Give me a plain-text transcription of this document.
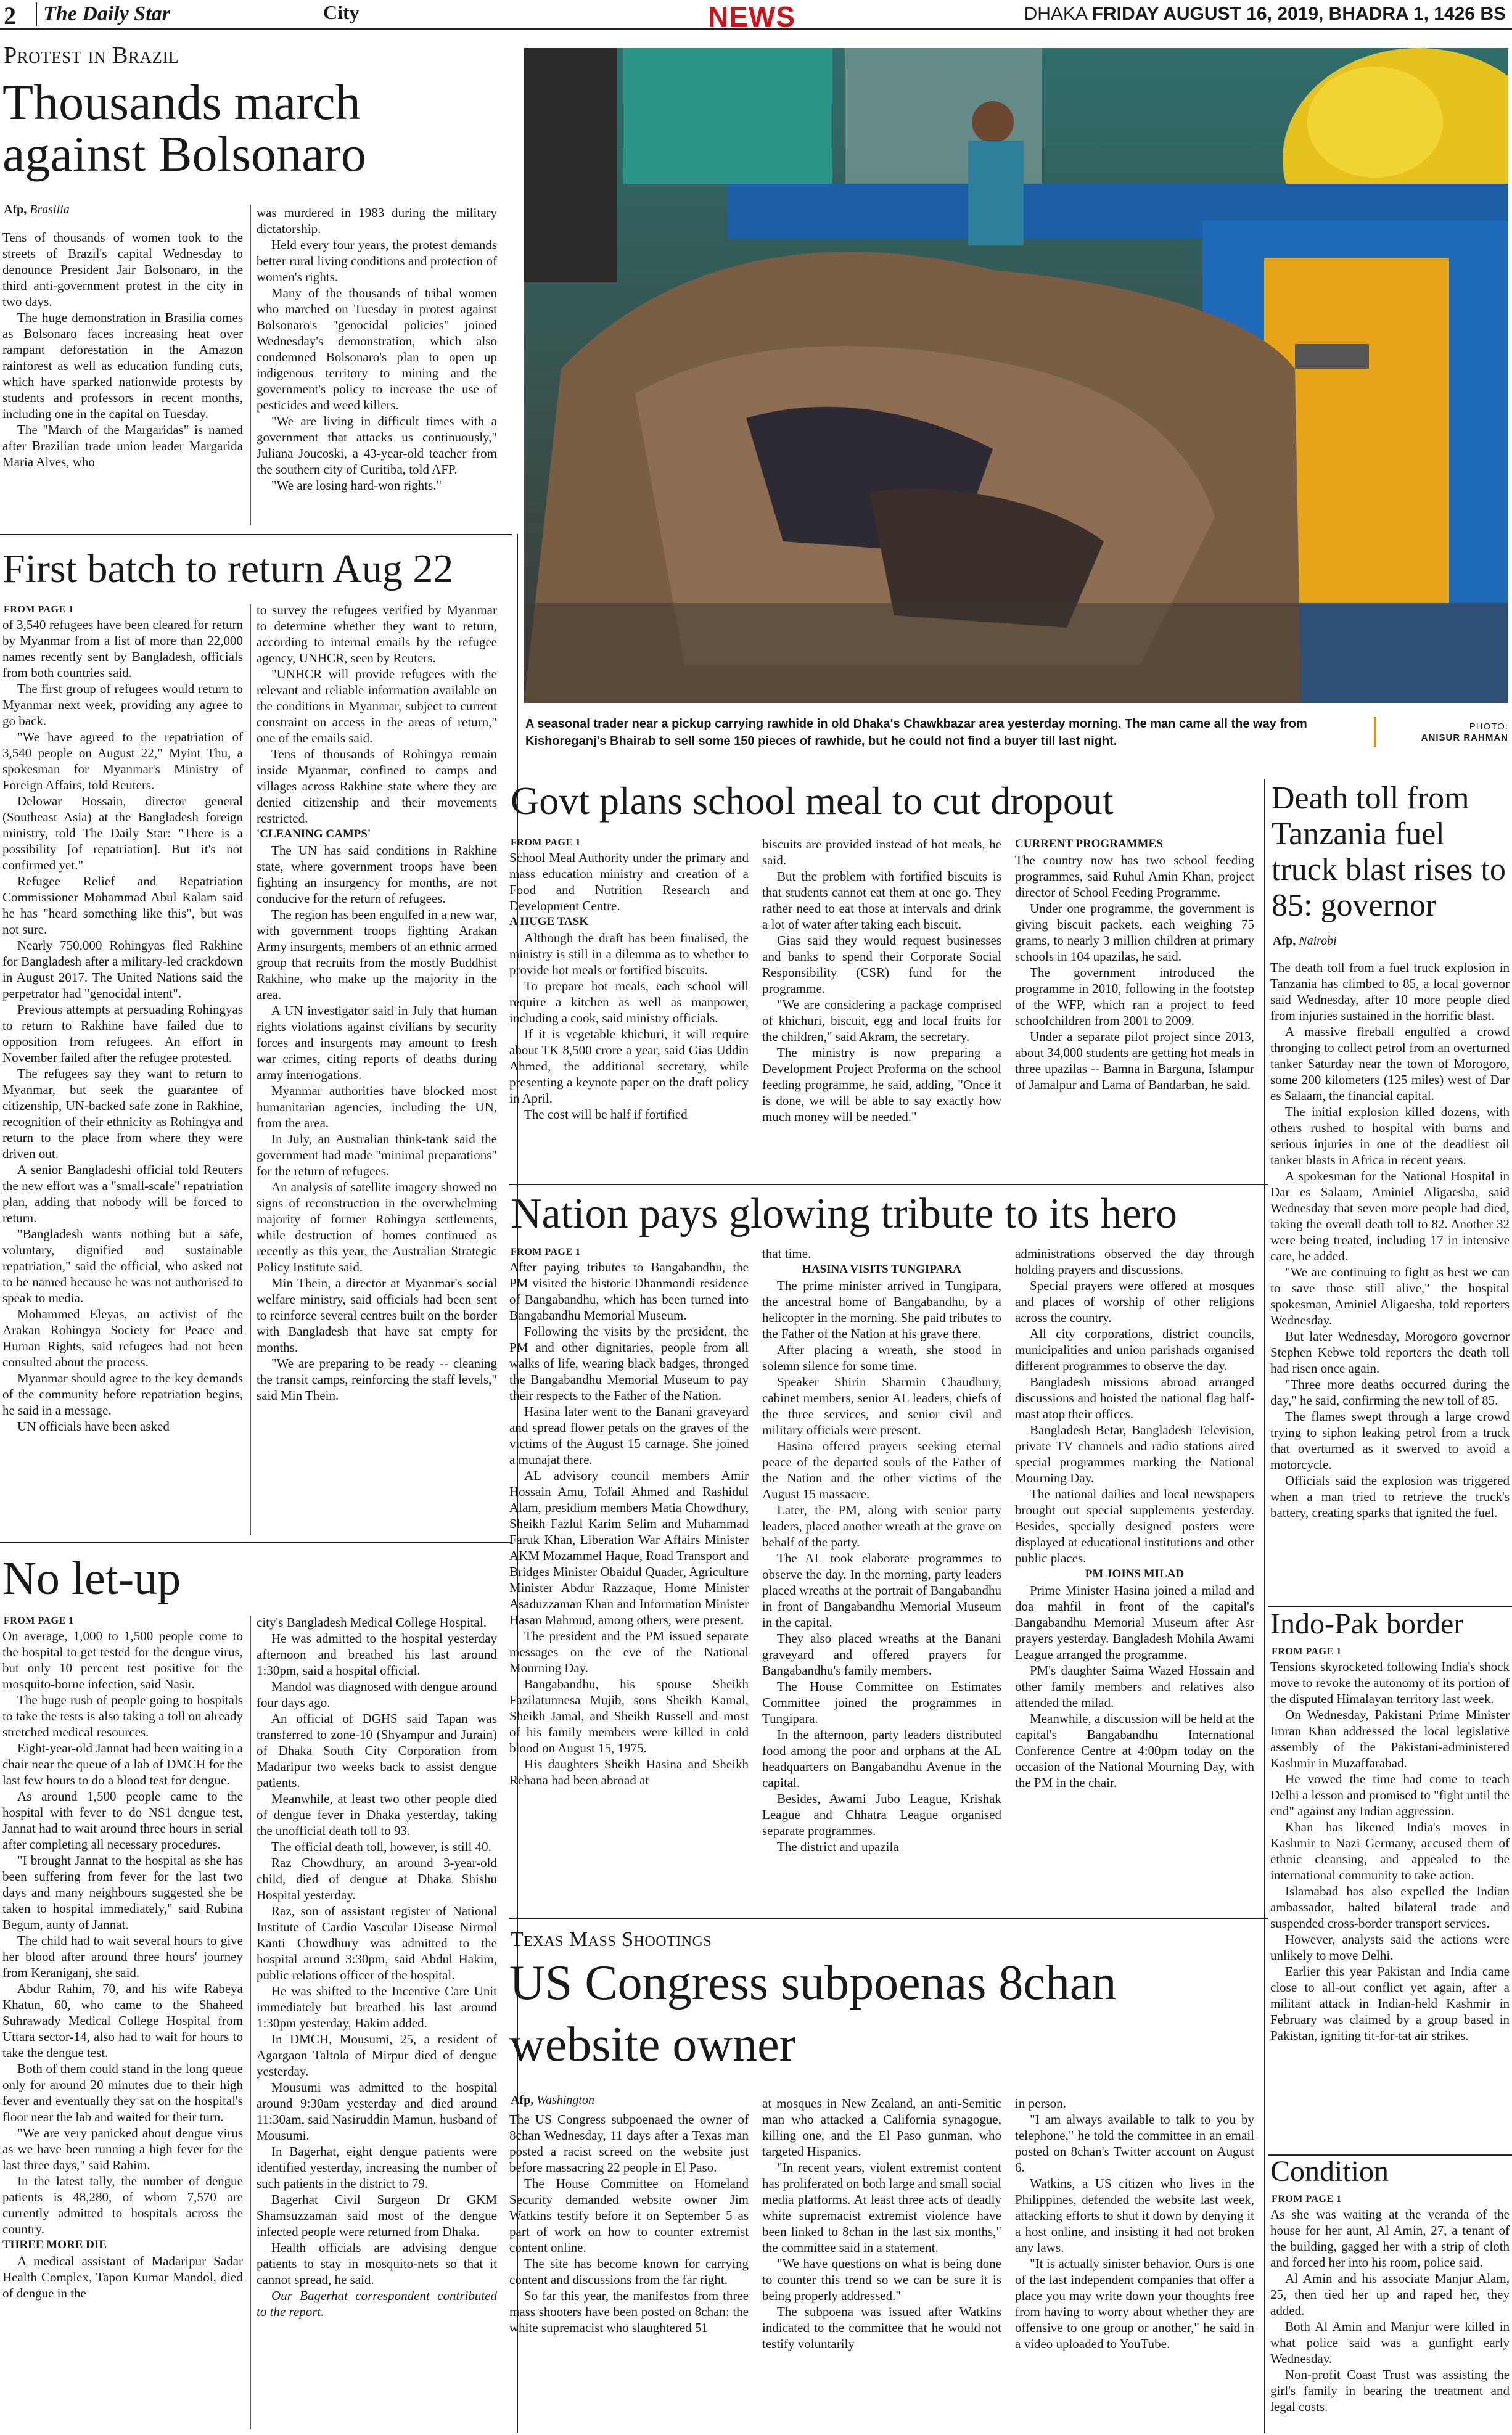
2	The Daily Star	City	NEWS	DHAKA FRIDAY AUGUST 16, 2019, BHADRA 1, 1426 BS
Protest in Brazil
Thousands march against Bolsonaro
Afp, Brasilia

Tens of thousands of women took to the streets of Brazil's capital Wednesday to denounce President Jair Bolsonaro, in the third anti-government protest in the city in two days.

The huge demonstration in Brasilia comes as Bolsonaro faces increasing heat over rampant deforestation in the Amazon rainforest as well as education funding cuts, which have sparked nationwide protests by students and professors in recent months, including one in the capital on Tuesday.

The "March of the Margaridas" is named after Brazilian trade union leader Margarida Maria Alves, who

was murdered in 1983 during the military dictatorship.

Held every four years, the protest demands better rural living conditions and protection of women's rights.

Many of the thousands of tribal women who marched on Tuesday in protest against Bolsonaro's "genocidal policies" joined Wednesday's demonstration, which also condemned Bolsonaro's plan to open up indigenous territory to mining and the government's policy to increase the use of pesticides and weed killers.

"We are living in difficult times with a government that attacks us continuously," Juliana Joucoski, a 43-year-old teacher from the southern city of Curitiba, told AFP.

"We are losing hard-won rights."

A seasonal trader near a pickup carrying rawhide in old Dhaka's Chawkbazar area yesterday morning. The man came all the way from Kishoreganj's Bhairab to sell some 150 pieces of rawhide, but he could not find a buyer till last night.
PHOTO:
ANISUR RAHMAN
First batch to return Aug 22
FROM PAGE 1

of 3,540 refugees have been cleared for return by Myanmar from a list of more than 22,000 names recently sent by Bangladesh, officials from both countries said.

The first group of refugees would return to Myanmar next week, providing any agree to go back.

"We have agreed to the repatriation of 3,540 people on August 22," Myint Thu, a spokesman for Myanmar's Ministry of Foreign Affairs, told Reuters.

Delowar Hossain, director general (Southeast Asia) at the Bangladesh foreign ministry, told The Daily Star: "There is a possibility [of repatriation]. But it's not confirmed yet."

Refugee Relief and Repatriation Commissioner Mohammad Abul Kalam said he has "heard something like this", but was not sure.

Nearly 750,000 Rohingyas fled Rakhine for Bangladesh after a military-led crackdown in August 2017. The United Nations said the perpetrator had "genocidal intent".

Previous attempts at persuading Rohingyas to return to Rakhine have failed due to opposition from refugees. An effort in November failed after the refugee protested.

The refugees say they want to return to Myanmar, but seek the guarantee of citizenship, UN-backed safe zone in Rakhine, recognition of their ethnicity as Rohingya and return to the place from where they were driven out.

A senior Bangladeshi official told Reuters the new effort was a "small-scale" repatriation plan, adding that nobody will be forced to return.

"Bangladesh wants nothing but a safe, voluntary, dignified and sustainable repatriation," said the official, who asked not to be named because he was not authorised to speak to media.

Mohammed Eleyas, an activist of the Arakan Rohingya Society for Peace and Human Rights, said refugees had not been consulted about the process.

Myanmar should agree to the key demands of the community before repatriation begins, he said in a message.

UN officials have been asked

to survey the refugees verified by Myanmar to determine whether they want to return, according to internal emails by the refugee agency, UNHCR, seen by Reuters.

"UNHCR will provide refugees with the relevant and reliable information available on the conditions in Myanmar, subject to current constraint on access in the areas of return," one of the emails said.

Tens of thousands of Rohingya remain inside Myanmar, confined to camps and villages across Rakhine state where they are denied citizenship and their movements restricted.

'CLEANING CAMPS'

The UN has said conditions in Rakhine state, where government troops have been fighting an insurgency for months, are not conducive for the return of refugees.

The region has been engulfed in a new war, with government troops fighting Arakan Army insurgents, members of an ethnic armed group that recruits from the mostly Buddhist Rakhine, who make up the majority in the area.

A UN investigator said in July that human rights violations against civilians by security forces and insurgents may amount to fresh war crimes, citing reports of deaths during army interrogations.

Myanmar authorities have blocked most humanitarian agencies, including the UN, from the area.

In July, an Australian think-tank said the government had made "minimal preparations" for the return of refugees.

An analysis of satellite imagery showed no signs of reconstruction in the overwhelming majority of former Rohingya settlements, while destruction of homes continued as recently as this year, the Australian Strategic Policy Institute said.

Min Thein, a director at Myanmar's social welfare ministry, said officials had been sent to reinforce several centres built on the border with Bangladesh that have sat empty for months.

"We are preparing to be ready -- cleaning the transit camps, reinforcing the staff levels," said Min Thein.

No let-up
FROM PAGE 1

On average, 1,000 to 1,500 people come to the hospital to get tested for the dengue virus, but only 10 percent test positive for the mosquito-borne infection, said Nasir.

The huge rush of people going to hospitals to take the tests is also taking a toll on already stretched medical resources.

Eight-year-old Jannat had been waiting in a chair near the queue of a lab of DMCH for the last few hours to do a blood test for dengue.

As around 1,500 people came to the hospital with fever to do NS1 dengue test, Jannat had to wait around three hours in serial after completing all necessary procedures.

"I brought Jannat to the hospital as she has been suffering from fever for the last two days and many neighbours suggested she be taken to hospital immediately," said Rubina Begum, aunty of Jannat.

The child had to wait several hours to give her blood after around three hours' journey from Keraniganj, she said.

Abdur Rahim, 70, and his wife Rabeya Khatun, 60, who came to the Shaheed Suhrawady Medical College Hospital from Uttara sector-14, also had to wait for hours to take the dengue test.

Both of them could stand in the long queue only for around 20 minutes due to their high fever and eventually they sat on the hospital's floor near the lab and waited for their turn.

"We are very panicked about dengue virus as we have been running a high fever for the last three days," said Rahim.

In the latest tally, the number of dengue patients is 48,280, of whom 7,570 are currently admitted to hospitals across the country.

THREE MORE DIE

A medical assistant of Madaripur Sadar Health Complex, Tapon Kumar Mandol, died of dengue in the

city's Bangladesh Medical College Hospital.

He was admitted to the hospital yesterday afternoon and breathed his last around 1:30pm, said a hospital official.

Mandol was diagnosed with dengue around four days ago.

An official of DGHS said Tapan was transferred to zone-10 (Shyampur and Jurain) of Dhaka South City Corporation from Madaripur two weeks back to assist dengue patients.

Meanwhile, at least two other people died of dengue fever in Dhaka yesterday, taking the unofficial death toll to 93.

The official death toll, however, is still 40.

Raz Chowdhury, an around 3-year-old child, died of dengue at Dhaka Shishu Hospital yesterday.

Raz, son of assistant register of National Institute of Cardio Vascular Disease Nirmol Kanti Chowdhury was admitted to the hospital around 3:30pm, said Abdul Hakim, public relations officer of the hospital.

He was shifted to the Incentive Care Unit immediately but breathed his last around 1:30pm yesterday, Hakim added.

In DMCH, Mousumi, 25, a resident of Agargaon Taltola of Mirpur died of dengue yesterday.

Mousumi was admitted to the hospital around 9:30am yesterday and died around 11:30am, said Nasiruddin Mamun, husband of Mousumi.

In Bagerhat, eight dengue patients were identified yesterday, increasing the number of such patients in the district to 79.

Bagerhat Civil Surgeon Dr GKM Shamsuzzaman said most of the dengue infected people were returned from Dhaka.

Health officials are advising dengue patients to stay in mosquito-nets so that it cannot spread, he said.

Our Bagerhat correspondent contributed to the report.

Govt plans school meal to cut dropout
FROM PAGE 1

School Meal Authority under the primary and mass education ministry and creation of a Food and Nutrition Research and Development Centre.

A HUGE TASK

Although the draft has been finalised, the ministry is still in a dilemma as to whether to provide hot meals or fortified biscuits.

To prepare hot meals, each school will require a kitchen as well as manpower, including a cook, said ministry officials.

If it is vegetable khichuri, it will require about TK 8,500 crore a year, said Gias Uddin Ahmed, the additional secretary, while presenting a keynote paper on the draft policy in April.

The cost will be half if fortified

biscuits are provided instead of hot meals, he said.

But the problem with fortified biscuits is that students cannot eat them at one go. They rather need to eat those at intervals and drink a lot of water after taking each biscuit.

Gias said they would request businesses and banks to spend their Corporate Social Responsibility (CSR) fund for the programme.

"We are considering a package comprised of khichuri, biscuit, egg and local fruits for the children," said Akram, the secretary.

The ministry is now preparing a Development Project Proforma on the school feeding programme, he said, adding, "Once it is done, we will be able to say exactly how much money will be needed."

CURRENT PROGRAMMES

The country now has two school feeding programmes, said Ruhul Amin Khan, project director of School Feeding Programme.

Under one programme, the government is giving biscuit packets, each weighing 75 grams, to nearly 3 million children at primary schools in 104 upazilas, he said.

The government introduced the programme in 2010, following in the footstep of the WFP, which ran a project to feed schoolchildren from 2001 to 2009.

Under a separate pilot project since 2013, about 34,000 students are getting hot meals in three upazilas -- Bamna in Barguna, Islampur of Jamalpur and Lama of Bandarban, he said.

Nation pays glowing tribute to its hero
FROM PAGE 1

After paying tributes to Bangabandhu, the PM visited the historic Dhanmondi residence of Bangabandhu, which has been turned into Bangabandhu Memorial Museum.

Following the visits by the president, the PM and other dignitaries, people from all walks of life, wearing black badges, thronged the Bangabandhu Memorial Museum to pay their respects to the Father of the Nation.

Hasina later went to the Banani graveyard and spread flower petals on the graves of the victims of the August 15 carnage. She joined a munajat there.

AL advisory council members Amir Hossain Amu, Tofail Ahmed and Rashidul Alam, presidium members Matia Chowdhury, Sheikh Fazlul Karim Selim and Muhammad Faruk Khan, Liberation War Affairs Minister AKM Mozammel Haque, Road Transport and Bridges Minister Obaidul Quader, Agriculture Minister Abdur Razzaque, Home Minister Asaduzzaman Khan and Information Minister Hasan Mahmud, among others, were present.

The president and the PM issued separate messages on the eve of the National Mourning Day.

Bangabandhu, his spouse Sheikh Fazilatunnesa Mujib, sons Sheikh Kamal, Sheikh Jamal, and Sheikh Russell and most of his family members were killed in cold blood on August 15, 1975.

His daughters Sheikh Hasina and Sheikh Rehana had been abroad at

that time.

HASINA VISITS TUNGIPARA

The prime minister arrived in Tungipara, the ancestral home of Bangabandhu, by a helicopter in the morning. She paid tributes to the Father of the Nation at his grave there.

After placing a wreath, she stood in solemn silence for some time.

Speaker Shirin Sharmin Chaudhury, cabinet members, senior AL leaders, chiefs of the three services, and senior civil and military officials were present.

Hasina offered prayers seeking eternal peace of the departed souls of the Father of the Nation and the other victims of the August 15 massacre.

Later, the PM, along with senior party leaders, placed another wreath at the grave on behalf of the party.

The AL took elaborate programmes to observe the day. In the morning, party leaders placed wreaths at the portrait of Bangabandhu in front of Bangabandhu Memorial Museum in the capital.

They also placed wreaths at the Banani graveyard and offered prayers for Bangabandhu's family members.

The House Committee on Estimates Committee joined the programmes in Tungipara.

In the afternoon, party leaders distributed food among the poor and orphans at the AL headquarters on Bangabandhu Avenue in the capital.

Besides, Awami Jubo League, Krishak League and Chhatra League organised separate programmes.

The district and upazila

administrations observed the day through holding prayers and discussions.

Special prayers were offered at mosques and places of worship of other religions across the country.

All city corporations, district councils, municipalities and union parishads organised different programmes to observe the day.

Bangladesh missions abroad arranged discussions and hoisted the national flag half-mast atop their offices.

Bangladesh Betar, Bangladesh Television, private TV channels and radio stations aired special programmes marking the National Mourning Day.

The national dailies and local newspapers brought out special supplements yesterday. Besides, specially designed posters were displayed at educational institutions and other public places.

PM JOINS MILAD

Prime Minister Hasina joined a milad and doa mahfil in front of the capital's Bangabandhu Memorial Museum after Asr prayers yesterday. Bangladesh Mohila Awami League arranged the programme.

PM's daughter Saima Wazed Hossain and other family members and relatives also attended the milad.

Meanwhile, a discussion will be held at the capital's Bangabandhu International Conference Centre at 4:00pm today on the occasion of the National Mourning Day, with the PM in the chair.

Texas Mass Shootings
US Congress subpoenas 8chan website owner
Afp, Washington

The US Congress subpoenaed the owner of 8chan Wednesday, 11 days after a Texas man posted a racist screed on the website just before massacring 22 people in El Paso.

The House Committee on Homeland Security demanded website owner Jim Watkins testify before it on September 5 as part of work on how to counter extremist content online.

The site has become known for carrying content and discussions from the far right.

So far this year, the manifestos from three mass shooters have been posted on 8chan: the white supremacist who slaughtered 51

at mosques in New Zealand, an anti-Semitic man who attacked a California synagogue, killing one, and the El Paso gunman, who targeted Hispanics.

"In recent years, violent extremist content has proliferated on both large and small social media platforms. At least three acts of deadly white supremacist extremist violence have been linked to 8chan in the last six months," the committee said in a statement.

"We have questions on what is being done to counter this trend so we can be sure it is being properly addressed."

The subpoena was issued after Watkins indicated to the committee that he would not testify voluntarily

in person.

"I am always available to talk to you by telephone," he told the committee in an email posted on 8chan's Twitter account on August 6.

Watkins, a US citizen who lives in the Philippines, defended the website last week, attacking efforts to shut it down by denying it a host online, and insisting it had not broken any laws.

"It is actually sinister behavior. Ours is one of the last independent companies that offer a place you may write down your thoughts free from having to worry about whether they are offensive to one group or another," he said in a video uploaded to YouTube.

Death toll from Tanzania fuel truck blast rises to 85: governor
Afp, Nairobi

The death toll from a fuel truck explosion in Tanzania has climbed to 85, a local governor said Wednesday, after 10 more people died from injuries sustained in the horrific blast.

A massive fireball engulfed a crowd thronging to collect petrol from an overturned tanker Saturday near the town of Morogoro, some 200 kilometers (125 miles) west of Dar es Salaam, the financial capital.

The initial explosion killed dozens, with others rushed to hospital with burns and serious injuries in one of the deadliest oil tanker blasts in Africa in recent years.

A spokesman for the National Hospital in Dar es Salaam, Aminiel Aligaesha, said Wednesday that seven more people had died, taking the overall death toll to 82. Another 32 were being treated, including 17 in intensive care, he added.

"We are continuing to fight as best we can to save those still alive," the hospital spokesman, Aminiel Aligaesha, told reporters Wednesday.

But later Wednesday, Morogoro governor Stephen Kebwe told reporters the death toll had risen once again.

"Three more deaths occurred during the day," he said, confirming the new toll of 85.

The flames swept through a large crowd trying to siphon leaking petrol from a truck that overturned as it swerved to avoid a motorcycle.

Officials said the explosion was triggered when a man tried to retrieve the truck's battery, creating sparks that ignited the fuel.

Indo-Pak border
FROM PAGE 1

Tensions skyrocketed following India's shock move to revoke the autonomy of its portion of the disputed Himalayan territory last week.

On Wednesday, Pakistani Prime Minister Imran Khan addressed the local legislative assembly of the Pakistani-administered Kashmir in Muzaffarabad.

He vowed the time had come to teach Delhi a lesson and promised to "fight until the end" against any Indian aggression.

Khan has likened India's moves in Kashmir to Nazi Germany, accused them of ethnic cleansing, and appealed to the international community to take action.

Islamabad has also expelled the Indian ambassador, halted bilateral trade and suspended cross-border transport services.

However, analysts said the actions were unlikely to move Delhi.

Earlier this year Pakistan and India came close to all-out conflict yet again, after a militant attack in Indian-held Kashmir in February was claimed by a group based in Pakistan, igniting tit-for-tat air strikes.

Condition
FROM PAGE 1

As she was waiting at the veranda of the house for her aunt, Al Amin, 27, a tenant of the building, gagged her with a strip of cloth and forced her into his room, police said.

Al Amin and his associate Manjur Alam, 25, then tied her up and raped her, they added.

Both Al Amin and Manjur were killed in what police said was a gunfight early Wednesday.

Non-profit Coast Trust was assisting the girl's family in bearing the treatment and legal costs.
